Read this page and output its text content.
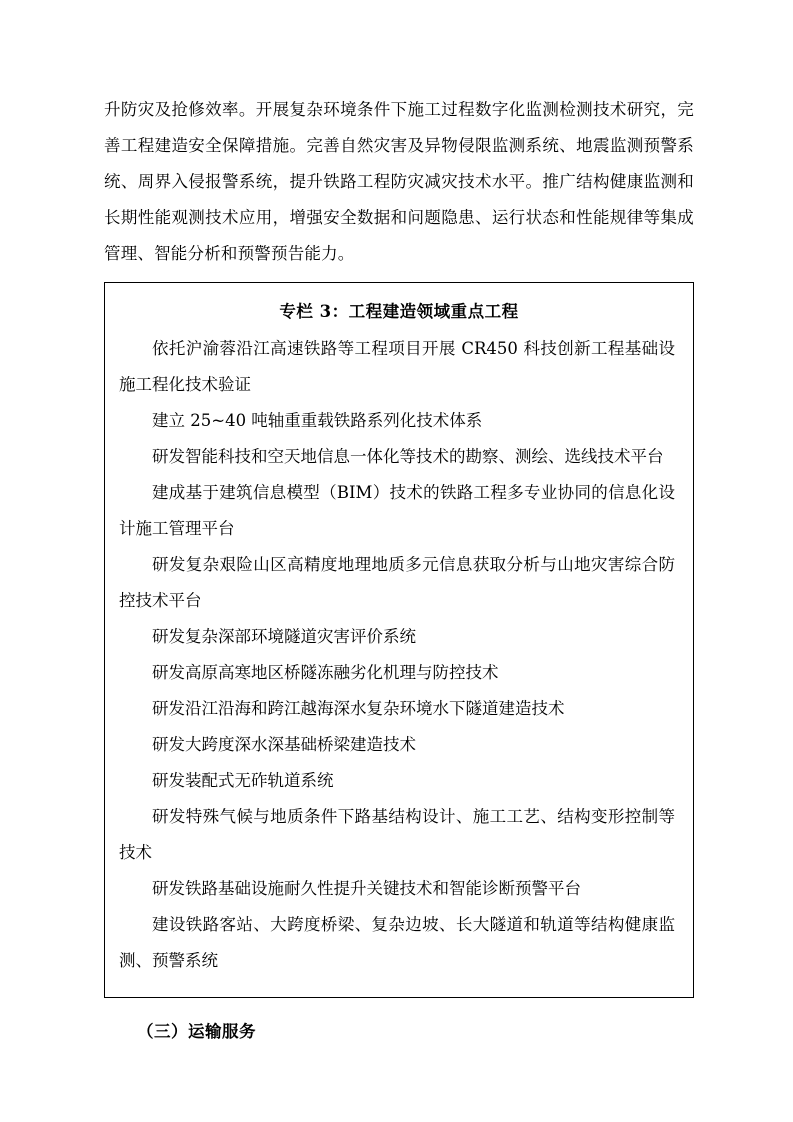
升防灾及抢修效率。开展复杂环境条件下施工过程数字化监测检测技术研究，完善工程建造安全保障措施。完善自然灾害及异物侵限监测系统、地震监测预警系统、周界入侵报警系统，提升铁路工程防灾减灾技术水平。推广结构健康监测和长期性能观测技术应用，增强安全数据和问题隐患、运行状态和性能规律等集成管理、智能分析和预警预告能力。

专栏 3：工程建造领域重点工程

依托沪渝蓉沿江高速铁路等工程项目开展 CR450 科技创新工程基础设施工程化技术验证

建立 25~40 吨轴重重载铁路系列化技术体系

研发智能科技和空天地信息一体化等技术的勘察、测绘、选线技术平台

建成基于建筑信息模型（BIM）技术的铁路工程多专业协同的信息化设计施工管理平台

研发复杂艰险山区高精度地理地质多元信息获取分析与山地灾害综合防控技术平台

研发复杂深部环境隧道灾害评价系统

研发高原高寒地区桥隧冻融劣化机理与防控技术

研发沿江沿海和跨江越海深水复杂环境水下隧道建造技术

研发大跨度深水深基础桥梁建造技术

研发装配式无砟轨道系统

研发特殊气候与地质条件下路基结构设计、施工工艺、结构变形控制等技术

研发铁路基础设施耐久性提升关键技术和智能诊断预警平台

建设铁路客站、大跨度桥梁、复杂边坡、长大隧道和轨道等结构健康监测、预警系统

（三）运输服务
